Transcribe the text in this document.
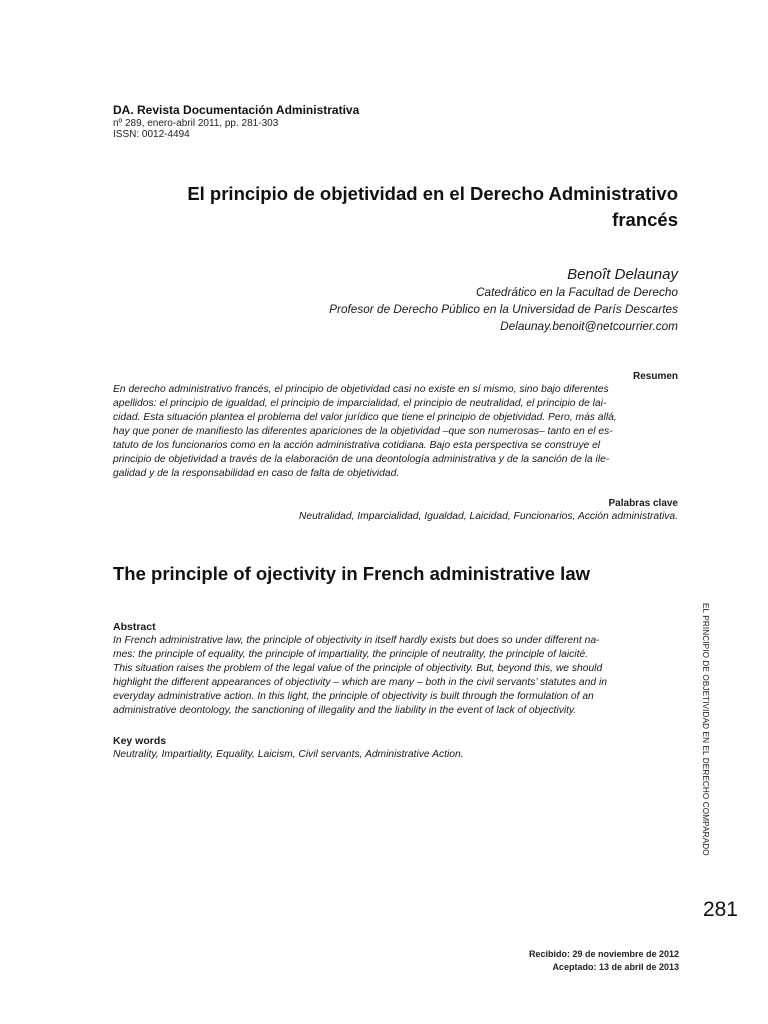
DA. Revista Documentación Administrativa
nº 289, enero-abril 2011, pp. 281-303
ISSN: 0012-4494
El principio de objetividad en el Derecho Administrativo
francés
Benoît Delaunay
Catedrático en la Facultad de Derecho
Profesor de Derecho Público en la Universidad de París Descartes
Delaunay.benoit@netcourrier.com
Resumen
En derecho administrativo francés, el principio de objetividad casi no existe en sí mismo, sino bajo diferentes
apellidos: el principio de igualdad, el principio de imparcialidad, el principio de neutralidad, el principio de lai-
cidad. Esta situación plantea el problema del valor jurídico que tiene el principio de objetividad. Pero, más allá,
hay que poner de manifiesto las diferentes apariciones de la objetividad –que son numerosas– tanto en el es-
tatuto de los funcionarios como en la acción administrativa cotidiana. Bajo esta perspectiva se construye el
principio de objetividad a través de la elaboración de una deontología administrativa y de la sanción de la ile-
galidad y de la responsabilidad en caso de falta de objetividad.
Palabras clave
Neutralidad, Imparcialidad, Igualdad, Laicidad, Funcionarios, Acción administrativa.
The principle of ojectivity in French administrative law
Abstract
In French administrative law, the principle of objectivity in itself hardly exists but does so under different na-
mes: the principle of equality, the principle of impartiality, the principle of neutrality, the principle of laicité.
This situation raises the problem of the legal value of the principle of objectivity. But, beyond this, we should
highlight the different appearances of objectivity – which are many – both in the civil servants’ statutes and in
everyday administrative action. In this light, the principle of objectivity is built through the formulation of an
administrative deontology, the sanctioning of illegality and the liability in the event of lack of objectivity.
Key words
Neutrality, Impartiality, Equality, Laicism, Civil servants, Administrative Action.	EL PRINCIPIO DE OBJETIVIDAD EN EL DERECHO COMPARADO
281
Recibido: 29 de noviembre de 2012
Aceptado: 13 de abril de 2013
